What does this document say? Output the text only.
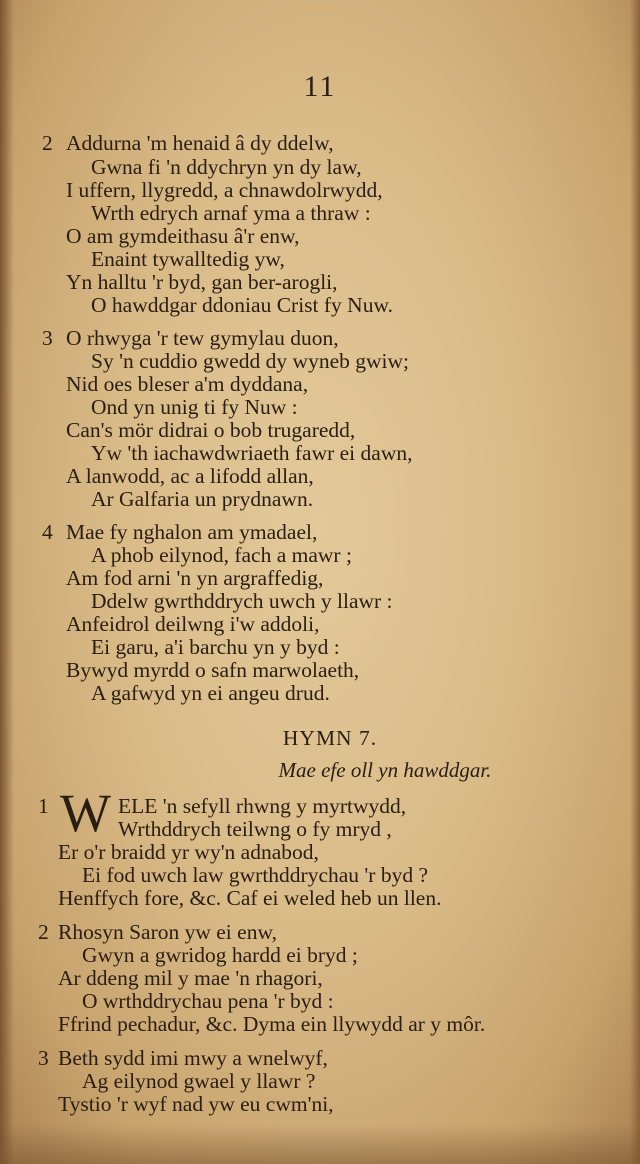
11
2 Addurna 'm henaid â dy ddelw,
Gwna fi 'n ddychryn yn dy law,
I uffern, llygredd, a chnawdolrwydd,
Wrth edrych arnaf yma a thraw :
O am gymdeithasu â'r enw,
Enaint tywalltedig yw,
Yn halltu 'r byd, gan ber-arogli,
O hawddgar ddoniau Crist fy Nuw.
3 O rhwyga 'r tew gymylau duon,
Sy 'n cuddio gwedd dy wyneb gwiw;
Nid oes bleser a'm dyddana,
Ond yn unig ti fy Nuw :
Can's mör didrai o bob trugaredd,
Yw 'th iachawdwriaeth fawr ei dawn,
A lanwodd, ac a lifodd allan,
Ar Galfaria un prydnawn.
4 Mae fy nghalon am ymadael,
A phob eilynod, fach a mawr ;
Am fod arni 'n yn argraffedig,
Ddelw gwrthddrych uwch y llawr :
Anfeidrol deilwng i'w addoli,
Ei garu, a'i barchu yn y byd :
Bywyd myrdd o safn marwolaeth,
A gafwyd yn ei angeu drud.
HYMN 7.
Mae efe oll yn hawddgar.
1 W ELE 'n sefyll rhwng y myrtwydd,
Wrthddrych teilwng o fy mryd ,
Er o'r braidd yr wy'n adnabod,
Ei fod uwch law gwrthddrychau 'r byd ?
Henffych fore, &c. Caf ei weled heb un llen.
2 Rhosyn Saron yw ei enw,
Gwyn a gwridog hardd ei bryd ;
Ar ddeng mil y mae 'n rhagori,
O wrthddrychau pena 'r byd :
Ffrind pechadur, &c. Dyma ein llywydd ar y môr.
3 Beth sydd imi mwy a wnelwyf,
Ag eilynod gwael y llawr ?
Tystio 'r wyf nad yw eu cwm'ni,
